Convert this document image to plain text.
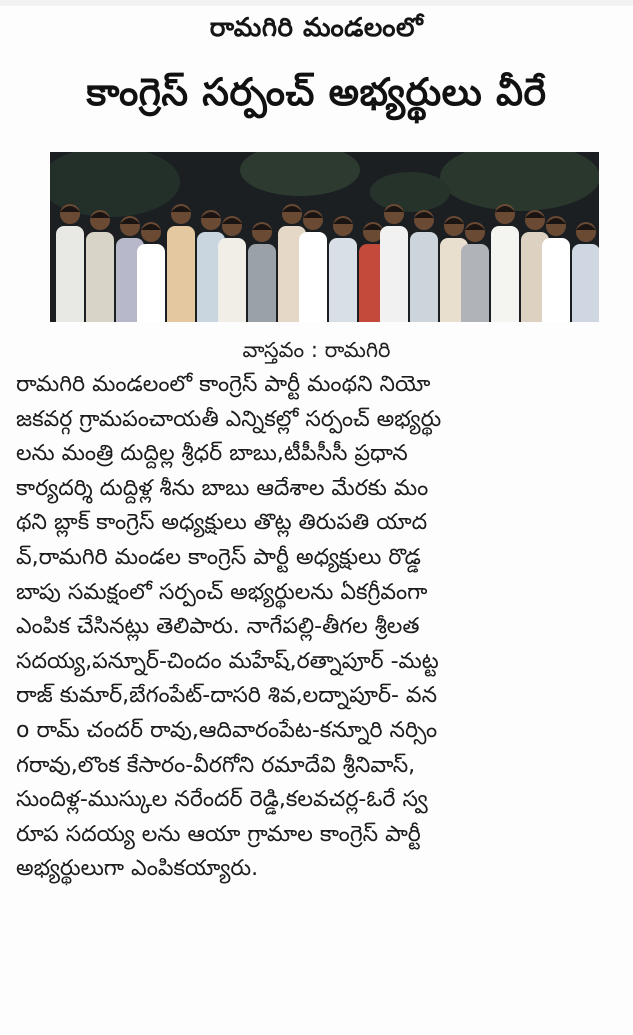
రామగిరి మండలంలో
కాంగ్రెస్ సర్పంచ్ అభ్యర్థులు వీరే
వాస్తవం : రామగిరి
రామగిరి మండలంలో కాంగ్రెస్ పార్టీ మంథని నియో
జకవర్గ గ్రామపంచాయతీ ఎన్నికల్లో సర్పంచ్ అభ్యర్థు
లను మంత్రి దుద్దిల్ల శ్రీధర్ బాబు,టీపీసీసీ ప్రధాన
కార్యదర్శి దుద్దిళ్ల శీను బాబు ఆదేశాల మేరకు మం
థని బ్లాక్ కాంగ్రెస్ అధ్యక్షులు తొట్ల తిరుపతి యాద
వ్,రామగిరి మండల కాంగ్రెస్ పార్టీ అధ్యక్షులు రొడ్డ
బాపు సమక్షంలో సర్పంచ్ అభ్యర్థులను ఏకగ్రీవంగా
ఎంపిక చేసినట్లు తెలిపారు. నాగేపల్లి-తీగల శ్రీలత
సదయ్య,పన్నూర్-చిందం మహేష్,రత్నాపూర్ -మట్ట
రాజ్ కుమార్,బేగంపేట్-దాసరి శివ,లద్నాపూర్- వన
o రామ్ చందర్ రావు,ఆదివారంపేట-కన్నూరి నర్సిం
గరావు,లొంక కేసారం-వీరగోని రమాదేవి శ్రీనివాస్,
సుందిళ్ల-ముస్కుల నరేందర్ రెడ్డి,కలవచర్ల-ఓరే స్వ
రూప సదయ్య లను ఆయా గ్రామాల కాంగ్రెస్ పార్టీ
అభ్యర్థులుగా ఎంపికయ్యారు.
